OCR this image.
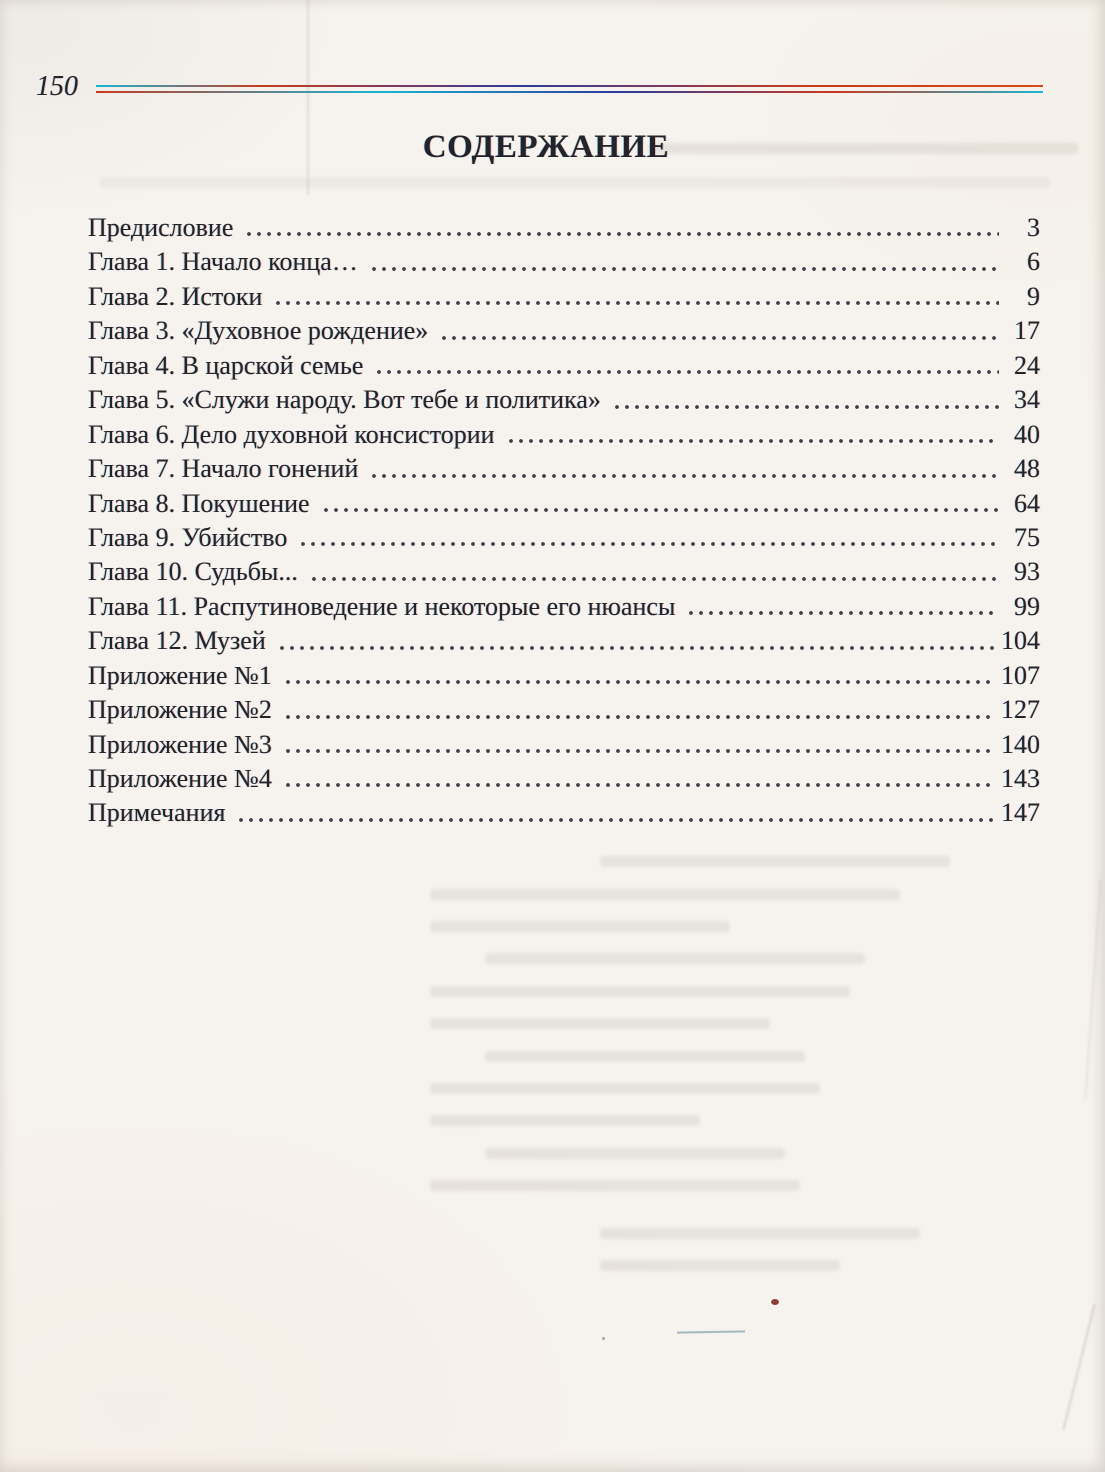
150
СОДЕРЖАНИЕ
Предисловие	3
Глава 1. Начало конца…	6
Глава 2. Истоки	9
Глава 3. «Духовное рождение»	17
Глава 4. В царской семье	24
Глава 5. «Служи народу. Вот тебе и политика»	34
Глава 6. Дело духовной консистории	40
Глава 7. Начало гонений	48
Глава 8. Покушение	64
Глава 9. Убийство	75
Глава 10. Судьбы...	93
Глава 11. Распутиноведение и некоторые его нюансы	99
Глава 12. Музей	104
Приложение №1	107
Приложение №2	127
Приложение №3	140
Приложение №4	143
Примечания	147
